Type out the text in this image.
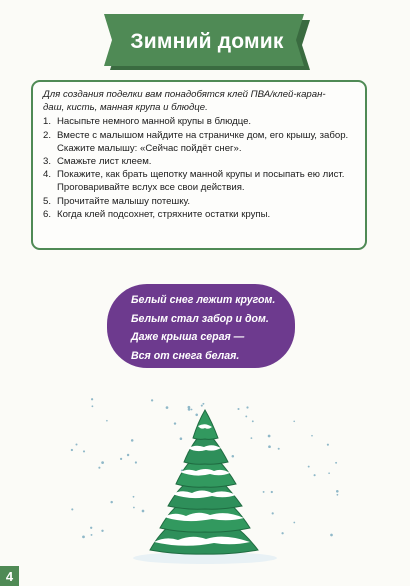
Зимний домик
Для создания поделки вам понадобятся клей ПВА/клей-каран-
даш, кисть, манная крупа и блюдце.
1. Насыпьте немного манной крупы в блюдце.
2. Вместе с малышом найдите на страничке дом, его крышу, забор.
Скажите малышу: «Сейчас пойдёт снег».
3. Смажьте лист клеем.
4. Покажите, как брать щепотку манной крупы и посыпать ею лист.
Проговаривайте вслух все свои действия.
5. Прочитайте малышу потешку.
6. Когда клей подсохнет, стряхните остатки крупы.
Белый снег лежит кругом.
Белым стал забор и дом.
Даже крыша серая —
Вся от снега белая.
4
